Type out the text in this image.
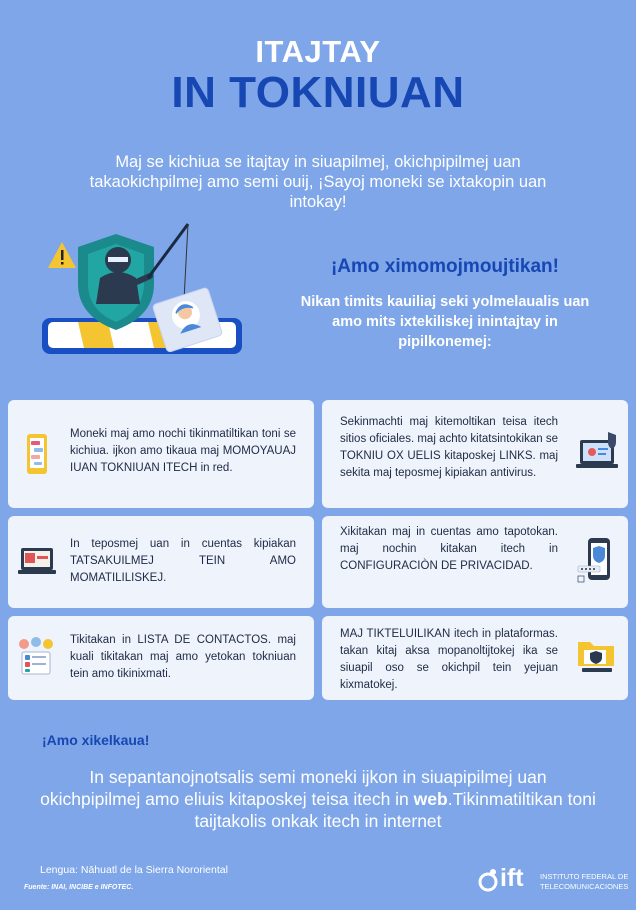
ITAJTAY
IN TOKNIUAN
Maj se kichiua se itajtay in siuapilmej, okichpipilmej uan takaokichpilmej amo semi ouij, ¡Sayoj moneki se ixtakopin uan intokay!
¡Amo ximomojmoujtikan!
Nikan timits kauiliaj seki yolmelaualis uan amo mits ixtekiliskej inintajtay in pipilkonemej:
Moneki maj amo nochi tikinmatiltikan toni se kichiua. ijkon amo tikaua maj MOMOYAUAJ IUAN TOKNIUAN ITECH in red.
Sekinmachti maj kitemoltikan teisa itech sitios oficiales. maj achto kitatsintokikan se TOKNIU OX UELIS kitaposkej LINKS. maj sekita maj teposmej kipiakan antivirus.
In teposmej uan in cuentas kipiakan TATSAKUILMEJ TEIN AMO MOMATILILISKEJ.
Xikitakan maj in cuentas amo tapotokan. maj nochin kitakan itech in CONFIGURACIÒN DE PRIVACIDAD.
Tikitakan in LISTA DE CONTACTOS. maj kuali tikitakan maj amo yetokan tokniuan tein amo tikinixmati.
MAJ TIKTELUILIKAN itech in plataformas. takan kitaj aksa mopanoltijtokej ika se siuapil oso se okichpil tein yejuan kixmatokej.
¡Amo xikelkaua!
In sepantanojnotsalis semi moneki ijkon in siuapipilmej uan okichpipilmej amo eliuis kitaposkej teisa itech in web.Tikinmatiltikan toni taijtakolis onkak itech in internet
Lengua: Nāhuatl de la Sierra Nororiental
Fuente: INAI, INCIBE e INFOTEC.	ift INSTITUTO FEDERAL DE
TELECOMUNICACIONES
